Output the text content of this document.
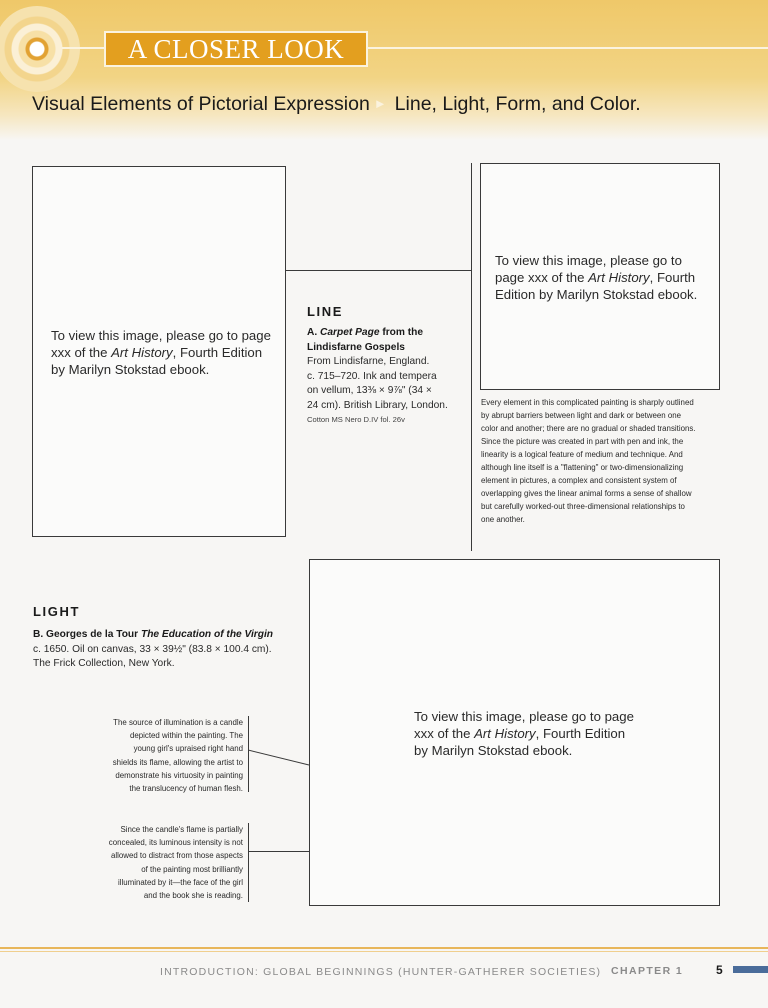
A CLOSER LOOK
Visual Elements of Pictorial Expression ► Line, Light, Form, and Color.
To view this image, please go to page xxx of the Art History, Fourth Edition by Marilyn Stokstad ebook.
To view this image, please go to page xxx of the Art History, Fourth Edition by Marilyn Stokstad ebook.
LINE
A. Carpet Page from the Lindisfarne Gospels
From Lindisfarne, England.
c. 715–720. Ink and tempera
on vellum, 13⅜ × 9⅞" (34 ×
24 cm). British Library, London.
Cotton MS Nero D.IV fol. 26v
Every element in this complicated painting is sharply outlined
by abrupt barriers between light and dark or between one
color and another; there are no gradual or shaded transitions.
Since the picture was created in part with pen and ink, the
linearity is a logical feature of medium and technique. And
although line itself is a "flattening" or two-dimensionalizing
element in pictures, a complex and consistent system of
overlapping gives the linear animal forms a sense of shallow
but carefully worked-out three-dimensional relationships to
one another.
LIGHT
B. Georges de la Tour The Education of the Virgin
c. 1650. Oil on canvas, 33 × 39½" (83.8 × 100.4 cm).
The Frick Collection, New York.
The source of illumination is a candle
depicted within the painting. The
young girl's upraised right hand
shields its flame, allowing the artist to
demonstrate his virtuosity in painting
the translucency of human flesh.
Since the candle's flame is partially
concealed, its luminous intensity is not
allowed to distract from those aspects
of the painting most brilliantly
illuminated by it—the face of the girl
and the book she is reading.
To view this image, please go to page xxx of the Art History, Fourth Edition by Marilyn Stokstad ebook.
INTRODUCTION: GLOBAL BEGINNINGS (HUNTER-GATHERER SOCIETIES) CHAPTER 1	5
